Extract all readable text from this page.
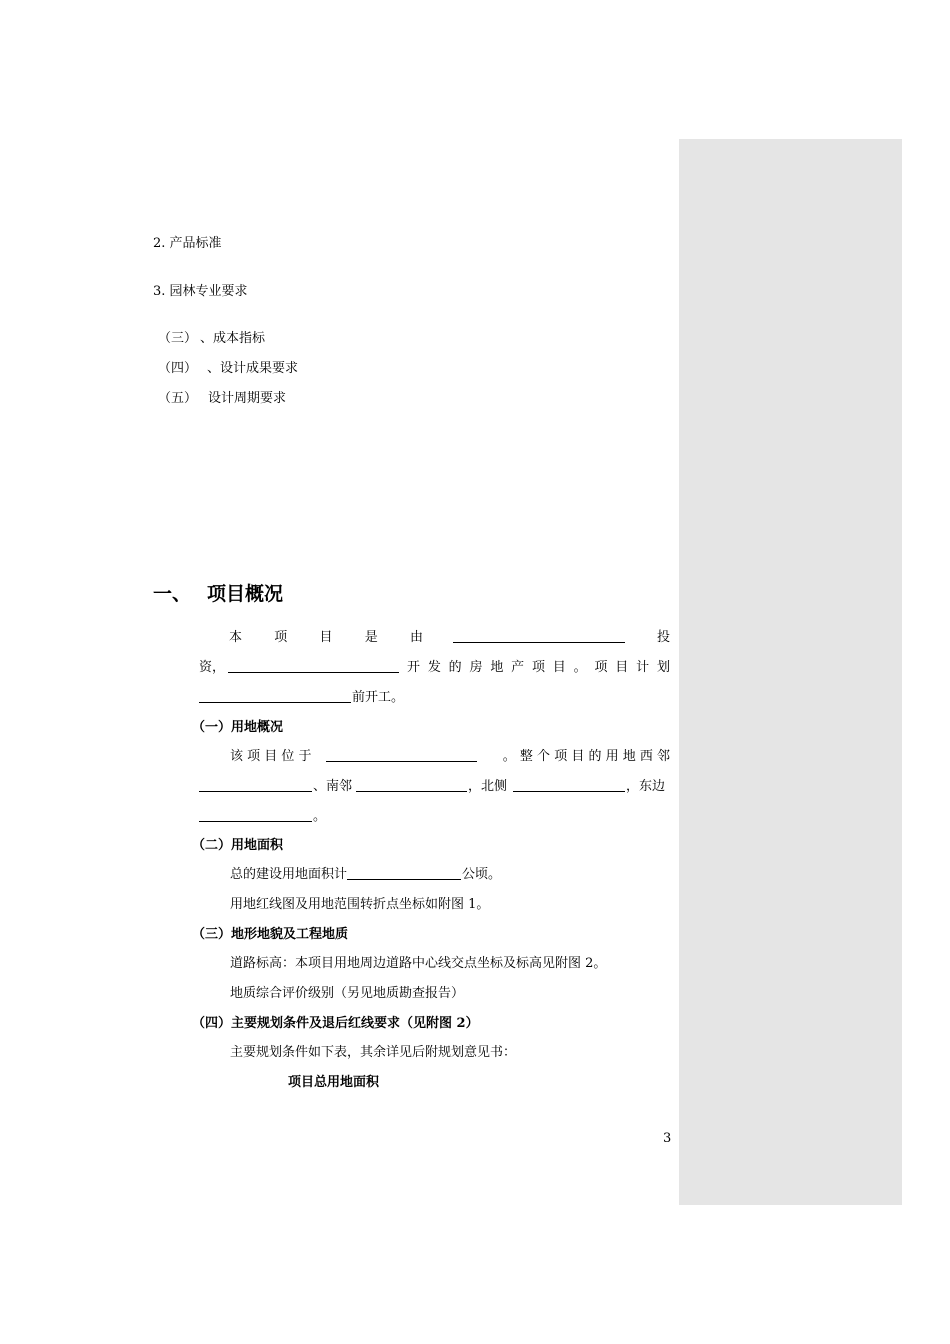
2. 产品标准
3. 园林专业要求
（三） 、成本指标
（四） 、设计成果要求
（五） 设计周期要求
一、 项目概况
本 项 目 是 由	投
资，	开 发 的 房 地 产 项 目 。 项 目 计 划
前开工。
（一）用地概况
该 项 目 位 于	。 整 个 项 目 的 用 地 西 邻
、南邻	，北侧	，东边
。
（二）用地面积
总的建设用地面积计	公顷。
用地红线图及用地范围转折点坐标如附图 1。
（三）地形地貌及工程地质
道路标高：本项目用地周边道路中心线交点坐标及标高见附图 2。
地质综合评价级别（另见地质勘查报告）
（四）主要规划条件及退后红线要求（见附图 2）
主要规划条件如下表，其余详见后附规划意见书：
项目总用地面积
3
